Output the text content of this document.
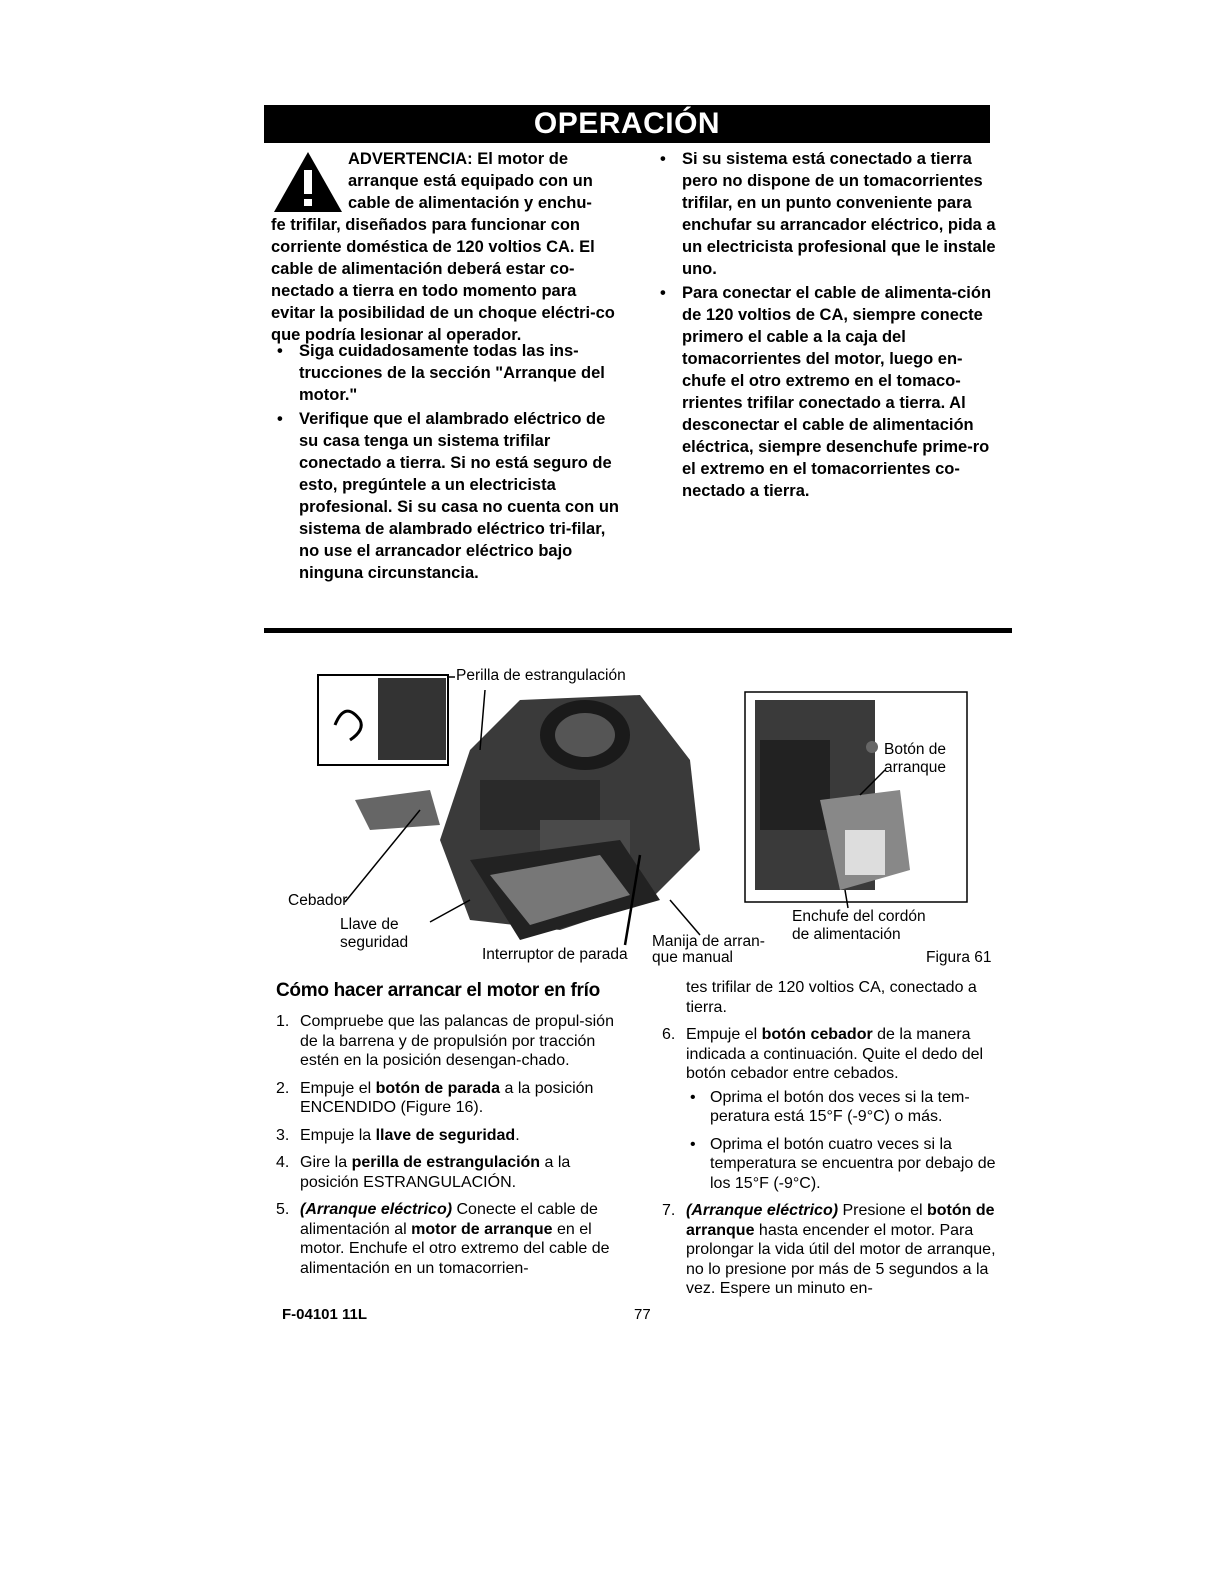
OPERACIÓN
ADVERTENCIA: El motor de arranque está equipado con un cable de alimentación y enchu-
fe trifilar, diseñados para funcionar con corriente doméstica de 120 voltios CA. El cable de alimentación deberá estar co-nectado a tierra en todo momento para evitar la posibilidad de un choque eléctri-co que podría lesionar al operador.
• Siga cuidadosamente todas las ins-trucciones de la sección "Arranque del motor."
• Verifique que el alambrado eléctrico de su casa tenga un sistema trifilar conectado a tierra. Si no está seguro de esto, pregúntele a un electricista profesional. Si su casa no cuenta con un sistema de alambrado eléctrico tri-filar, no use el arrancador eléctrico bajo ninguna circunstancia.
• Si su sistema está conectado a tierra pero no dispone de un tomacorrientes trifilar, en un punto conveniente para enchufar su arrancador eléctrico, pida a un electricista profesional que le instale uno.
• Para conectar el cable de alimenta-ción de 120 voltios de CA, siempre conecte primero el cable a la caja del tomacorrientes del motor, luego en-chufe el otro extremo en el tomaco-rrientes trifilar conectado a tierra. Al desconectar el cable de alimentación eléctrica, siempre desenchufe prime-ro el extremo en el tomacorrientes co-nectado a tierra.
Perilla de estrangulación
Cebador
Llave de
seguridad
Interruptor de parada
Manija de arran-
que manual
Botón de
arranque
Enchufe del cordón
de alimentación
Figura 61
Cómo hacer arrancar el motor en frío
1. Compruebe que las palancas de propul-sión de la barrena y de propulsión por tracción estén en la posición desengan-chado.
2. Empuje el botón de parada a la posición ENCENDIDO (Figure 16).
3. Empuje la llave de seguridad.
4. Gire la perilla de estrangulación a la posición ESTRANGULACIÓN.
5. (Arranque eléctrico) Conecte el cable de alimentación al motor de arranque en el motor. Enchufe el otro extremo del cable de alimentación en un tomacorrien-
tes trifilar de 120 voltios CA, conectado a tierra.
6. Empuje el botón cebador de la manera indicada a continuación. Quite el dedo del botón cebador entre cebados.
• Oprima el botón dos veces si la tem-peratura está 15°F (-9°C) o más.
• Oprima el botón cuatro veces si la temperatura se encuentra por debajo de los 15°F (-9°C).
7. (Arranque eléctrico) Presione el botón de arranque hasta encender el motor. Para prolongar la vida útil del motor de arranque, no lo presione por más de 5 segundos a la vez. Espere un minuto en-
F-04101 11L	77
